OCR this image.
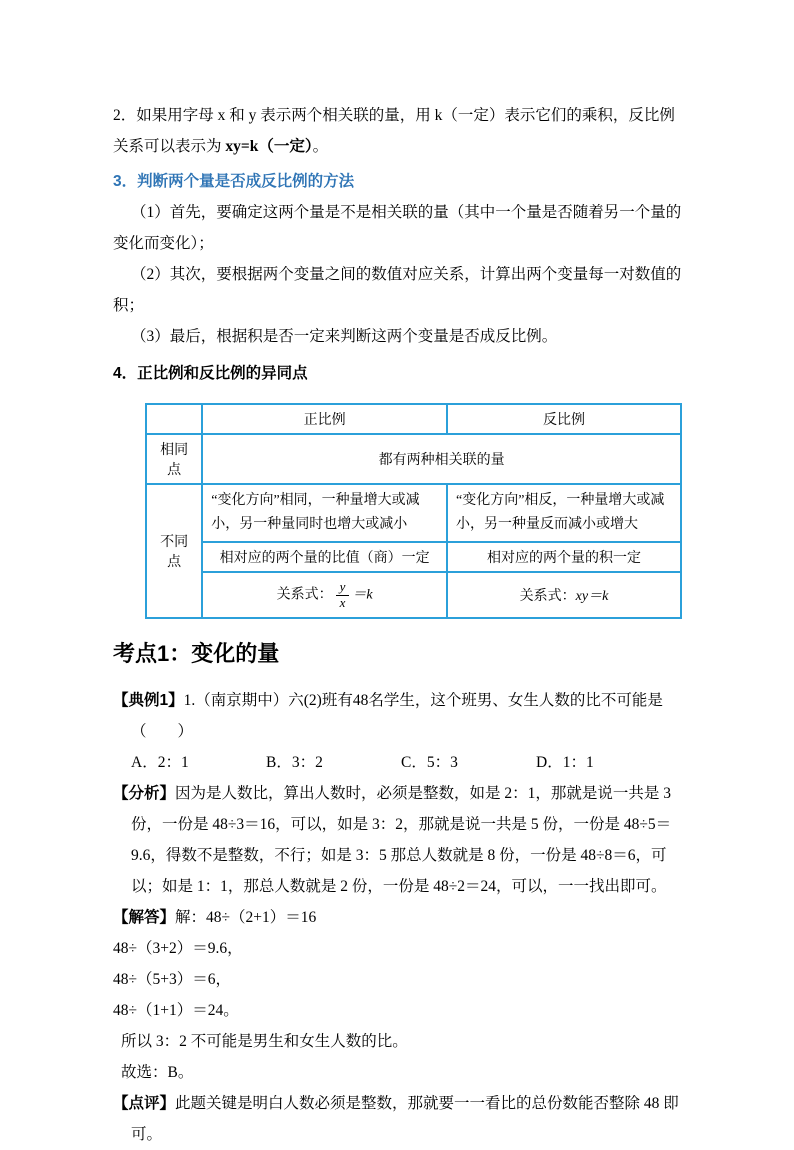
2．如果用字母 x 和 y 表示两个相关联的量，用 k（一定）表示它们的乘积，反比例关系可以表示为 xy=k（一定）。

3．判断两个量是否成反比例的方法

（1）首先，要确定这两个量是不是相关联的量（其中一个量是否随着另一个量的变化而变化）；

（2）其次，要根据两个变量之间的数值对应关系，计算出两个变量每一对数值的积；

（3）最后，根据积是否一定来判断这两个变量是否成反比例。

4．正比例和反比例的异同点
	正比例	反比例
相同点	都有两种相关联的量	
不同点	“变化方向”相同，一种量增大或减小，另一种量同时也增大或减小	“变化方向”相反，一种量增大或减小，另一种量反而减小或增大
	相对应的两个量的比值（商）一定	相对应的两个量的积一定
	关系式： $\frac{y}{x} =k$	关系式：xy＝k
考点1：变化的量

【典例1】1.（南京期中）六(2)班有48名学生，这个班男、女生人数的比不可能是（　　）

A．2：1	B．3：2	C．5：3	D．1：1

【分析】因为是人数比，算出人数时，必须是整数，如是 2：1，那就是说一共是 3 份，一份是 48÷3＝16，可以，如是 3：2，那就是说一共是 5 份，一份是 48÷5＝9.6，得数不是整数，不行；如是 3：5 那总人数就是 8 份，一份是 48÷8＝6，可以；如是 1：1，那总人数就是 2 份，一份是 48÷2＝24，可以，一一找出即可。

【解答】解：48÷（2+1）＝16

48÷（3+2）＝9.6，

48÷（5+3）＝6，

48÷（1+1）＝24。

所以 3：2 不可能是男生和女生人数的比。

故选：B。

【点评】此题关键是明白人数必须是整数，那就要一一看比的总份数能否整除 48 即可。
